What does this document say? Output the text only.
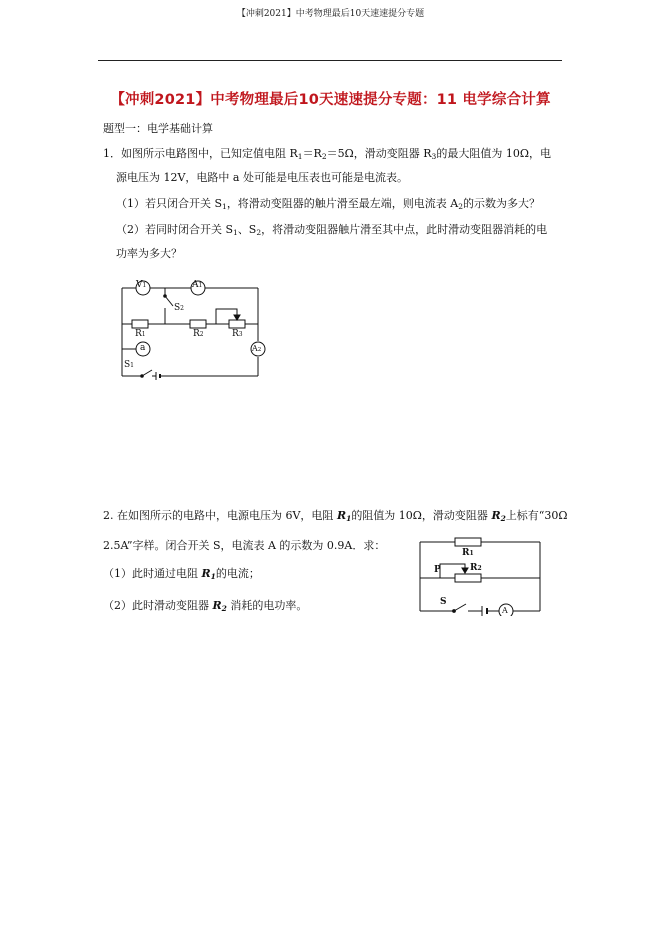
【冲刺2021】中考物理最后10天速速提分专题
【冲刺2021】中考物理最后10天速速提分专题：11 电学综合计算
题型一：电学基础计算
1．如图所示电路图中，已知定值电阻 $R_1=R_2=5\Omega$，滑动变阻器 $R_3$的最大阻值为 10Ω，电
源电压为 12V，电路中 a 处可能是电压表也可能是电流表。
（1）若只闭合开关 $S_1$，将滑动变阻器的触片滑至最左端，则电流表 $A_2$的示数为多大？
（2）若同时闭合开关 $S_1$、$S_2$，将滑动变阻器触片滑至其中点，此时滑动变阻器消耗的电
功率为多大？
V1	A1
S2
R1	R2	R3
a	A2
S1
2. 在如图所示的电路中，电源电压为 6V，电阻 $R_1$的阻值为 10Ω，滑动变阻器 $R_2$上标有“30Ω
2.5A”字样。闭合开关 S，电流表 A 的示数为 0.9A．求：
（1）此时通过电阻 $R_1$的电流；
（2）此时滑动变阻器 $R_2$ 消耗的电功率。
R1
P	R2
S
A
